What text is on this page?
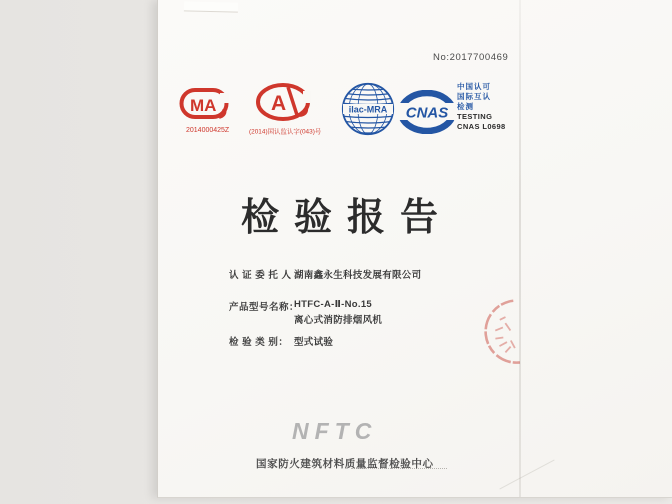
No:2017700469
MA
2014000425Z
A
(2014)国认监认字(043)号
ilac-MRA CNAS
中国认可
国际互认
检测
TESTING
CNAS L0698
检验报告
认 证 委 托 人 ：
湖南鑫永生科技发展有限公司
产品型号名称：
HTFC-A-Ⅱ-No.15
离心式消防排烟风机
检 验 类 别： 型式试验
NFTC
国家防火建筑材料质量监督检验中心
